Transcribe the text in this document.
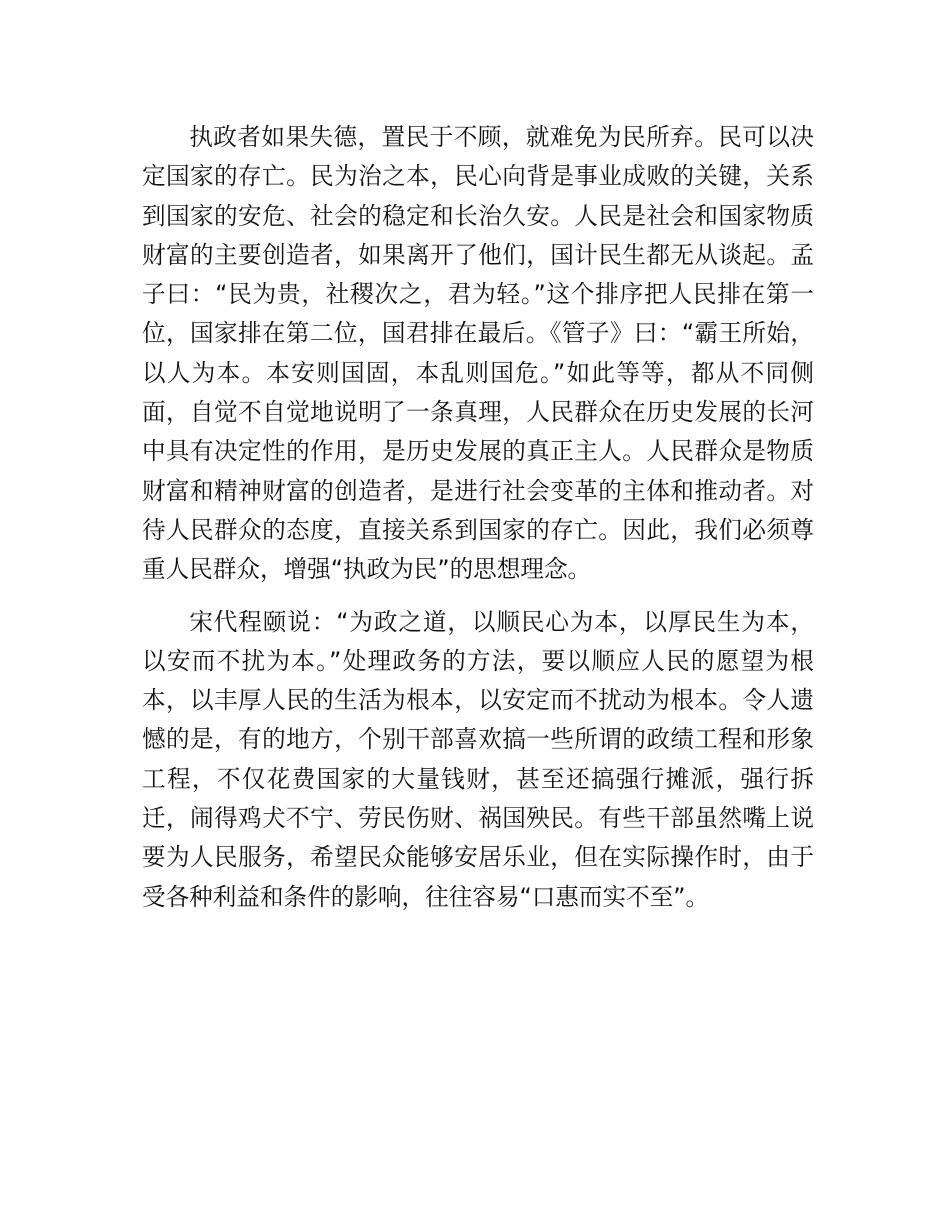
执政者如果失德，置民于不顾，就难免为民所弃。民可以决定国家的存亡。民为治之本，民心向背是事业成败的关键，关系到国家的安危、社会的稳定和长治久安。人民是社会和国家物质财富的主要创造者，如果离开了他们，国计民生都无从谈起。孟子曰：“民为贵，社稷次之，君为轻。”这个排序把人民排在第一位，国家排在第二位，国君排在最后。《管子》曰：“霸王所始，以人为本。本安则国固，本乱则国危。”如此等等，都从不同侧面，自觉不自觉地说明了一条真理，人民群众在历史发展的长河中具有决定性的作用，是历史发展的真正主人。人民群众是物质财富和精神财富的创造者，是进行社会变革的主体和推动者。对待人民群众的态度，直接关系到国家的存亡。因此，我们必须尊重人民群众，增强“执政为民”的思想理念。

宋代程颐说：“为政之道，以顺民心为本，以厚民生为本，以安而不扰为本。”处理政务的方法，要以顺应人民的愿望为根本，以丰厚人民的生活为根本，以安定而不扰动为根本。令人遗憾的是，有的地方，个别干部喜欢搞一些所谓的政绩工程和形象工程，不仅花费国家的大量钱财，甚至还搞强行摊派，强行拆迁，闹得鸡犬不宁、劳民伤财、祸国殃民。有些干部虽然嘴上说要为人民服务，希望民众能够安居乐业，但在实际操作时，由于受各种利益和条件的影响，往往容易“口惠而实不至”。
